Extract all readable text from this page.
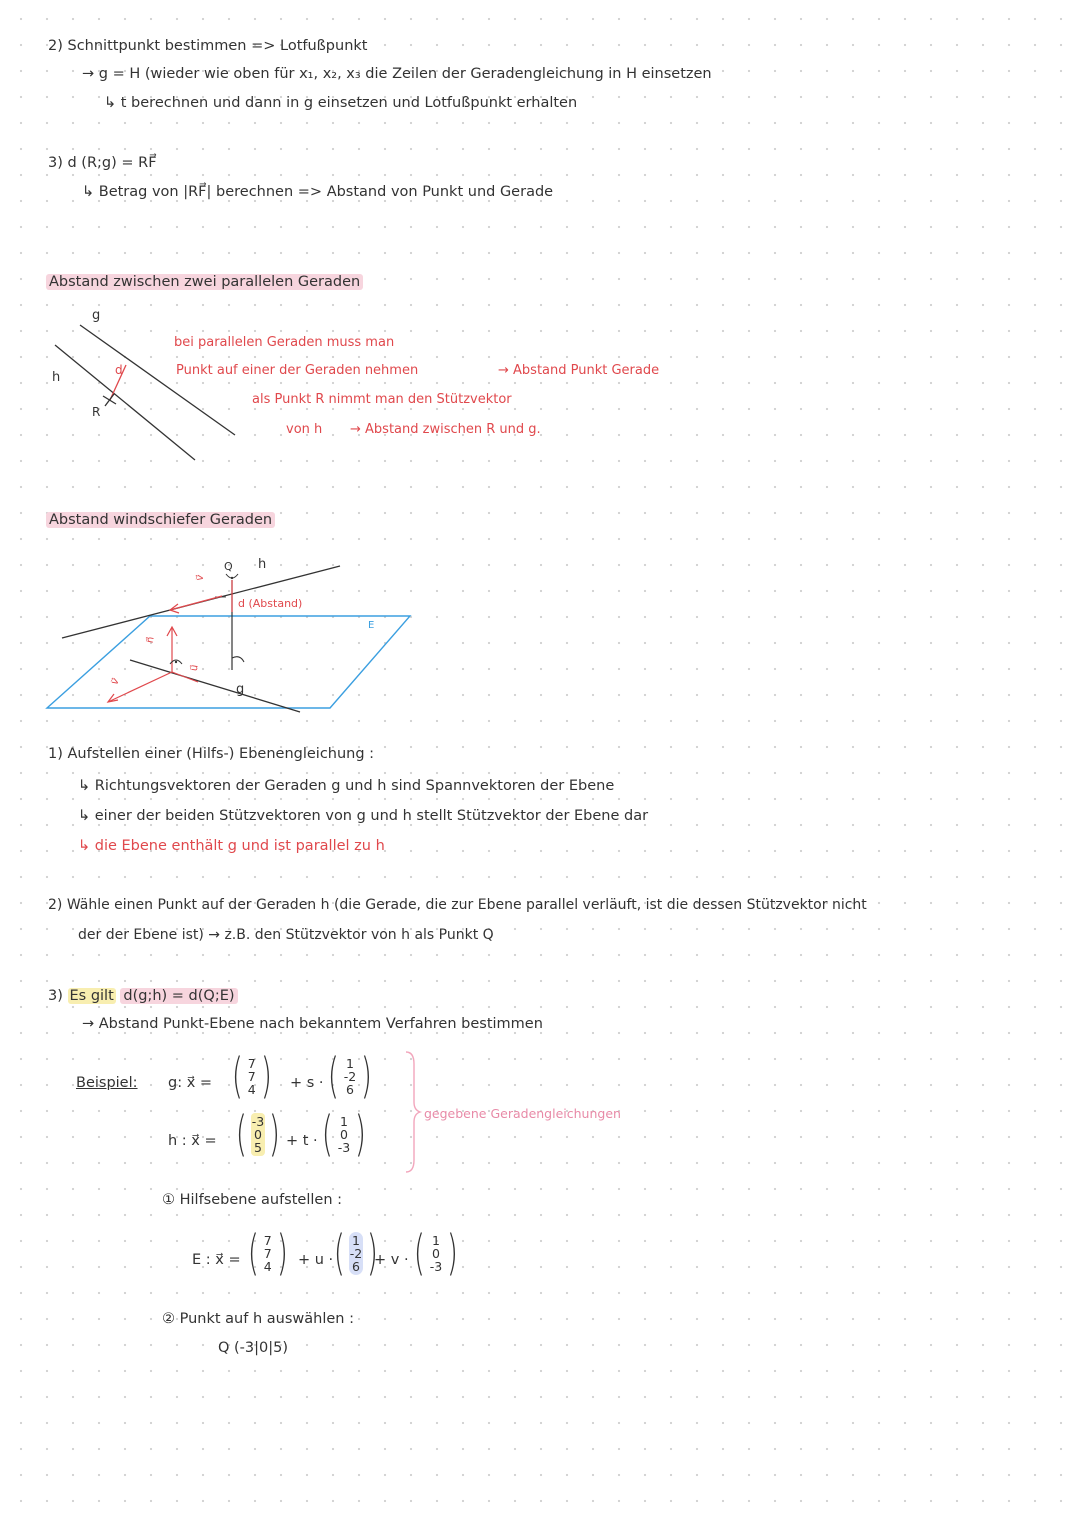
2) Schnittpunkt bestimmen => Lotfußpunkt
→ g = H (wieder wie oben für x₁, x₂, x₃ die Zeilen der Geradengleichung in H einsetzen
↳ t berechnen und dann in g einsetzen und Lotfußpunkt erhalten
3) d (R;g) = RF⃗
↳ Betrag von |RF⃗| berechnen => Abstand von Punkt und Gerade
Abstand zwischen zwei parallelen Geraden
g
h	d
R
bei parallelen Geraden muss man
Punkt auf einer der Geraden nehmen	→ Abstand Punkt Gerade
als Punkt R nimmt man den Stützvektor
von h → Abstand zwischen R und g.
Abstand windschiefer Geraden
Q h
d (Abstand)
E
g
v⃗
n⃗
v⃗
u⃗
1) Aufstellen einer (Hilfs-) Ebenengleichung :
↳ Richtungsvektoren der Geraden g und h sind Spannvektoren der Ebene
↳ einer der beiden Stützvektoren von g und h stellt Stützvektor der Ebene dar
↳ die Ebene enthält g und ist parallel zu h
2) Wähle einen Punkt auf der Geraden h (die Gerade, die zur Ebene parallel verläuft, ist die dessen Stützvektor nicht
der der Ebene ist) → z.B. den Stützvektor von h als Punkt Q
3) Es gilt d(g;h) = d(Q;E)
→ Abstand Punkt-Ebene nach bekanntem Verfahren bestimmen
Beispiel: g: x⃗ = ( 7
7
4 ) + s · ( 1
-2
6 )
h : x⃗ = ( -3
0
5 ) + t · ( 1
0
-3 )	gegebene Geradengleichungen
① Hilfsebene aufstellen :
E : x⃗ = ( 7
7
4 ) + u · ( 1
-2
6 )
+ v · ( 1
0
-3 )
② Punkt auf h auswählen :
Q (-3|0|5)
